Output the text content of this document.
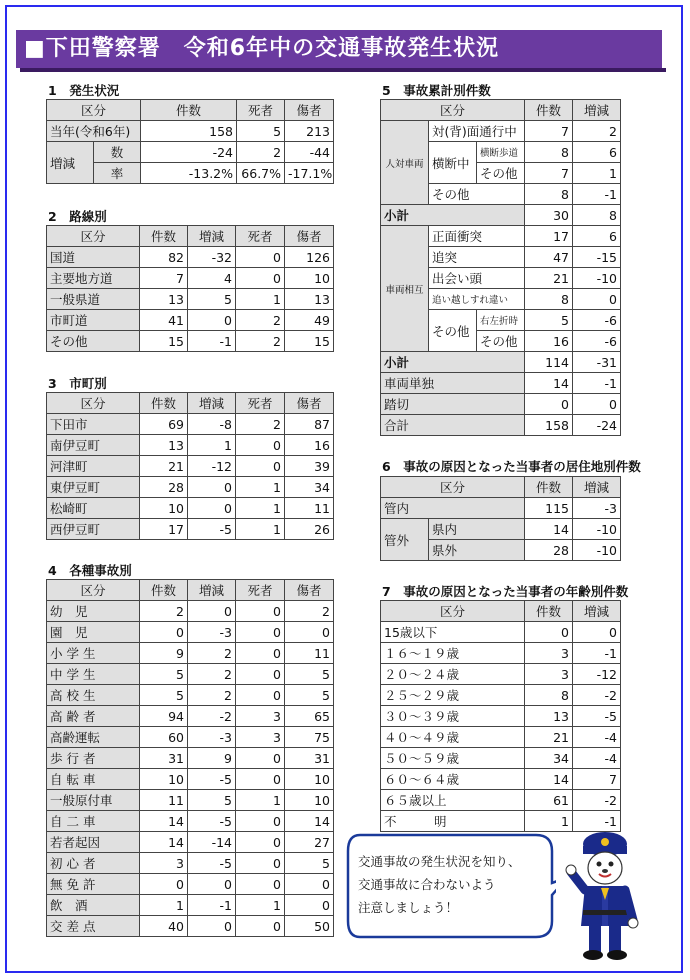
■下田警察署　令和6年中の交通事故発生状況
1　発生状況
区分		件数	死者	傷者
当年(令和6年)		158	5	213
増減	数	-24	2	-44
	率	-13.2%	66.7%	-17.1%
2　路線別
区分	件数	増減	死者	傷者
国道	82	-32	0	126
主要地方道	7	4	0	10
一般県道	13	5	1	13
市町道	41	0	2	49
その他	15	-1	2	15
3　市町別
区分	件数	増減	死者	傷者
下田市	69	-8	2	87
南伊豆町	13	1	0	16
河津町	21	-12	0	39
東伊豆町	28	0	1	34
松崎町	10	0	1	11
西伊豆町	17	-5	1	26
4　各種事故別
区分	件数	増減	死者	傷者
幼　児	2	0	0	2
園　児	0	-3	0	0
小 学 生	9	2	0	11
中 学 生	5	2	0	5
高 校 生	5	2	0	5
高 齢 者	94	-2	3	65
高齢運転	60	-3	3	75
歩 行 者	31	9	0	31
自 転 車	10	-5	0	10
一般原付車	11	5	1	10
自 二 車	14	-5	0	14
若者起因	14	-14	0	27
初 心 者	3	-5	0	5
無 免 許	0	0	0	0
飲　酒	1	-1	1	0
交 差 点	40	0	0	50
5　事故累計別件数
区分			件数	増減
人対車両	対(背)面通行中		7	2
	横断中	横断歩道	8	6
		その他	7	1
	その他		8	-1
小計			30	8
車両相互	正面衝突		17	6
	追突		47	-15
	出会い頭		21	-10
	追い越しすれ違い		8	0
	その他	右左折時	5	-6
		その他	16	-6
小計			114	-31
車両単独			14	-1
踏切			0	0
合計			158	-24
6　事故の原因となった当事者の居住地別件数
区分		件数	増減
管内		115	-3
管外	県内	14	-10
	県外	28	-10
7　事故の原因となった当事者の年齢別件数
区分	件数	増減
15歳以下	0	0
１６～１９歳	3	-1
２０～２４歳	3	-12
２５～２９歳	8	-2
３０～３９歳	13	-5
４０～４９歳	21	-4
５０～５９歳	34	-4
６０～６４歳	14	7
６５歳以上	61	-2
不　　　明	1	-1
交通事故の発生状況を知り、
交通事故に合わないよう
注意しましょう！
